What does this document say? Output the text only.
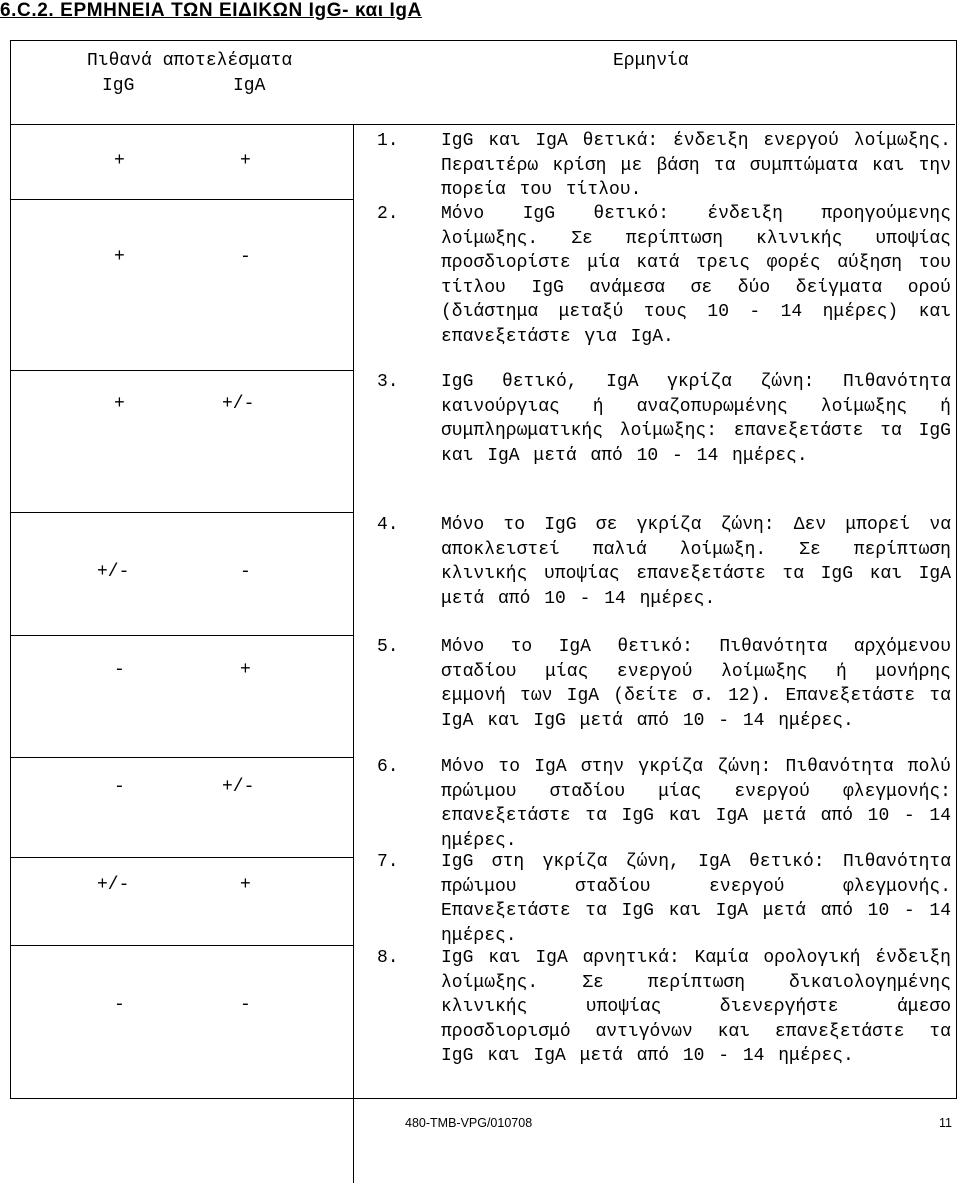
6.C.2. ΕΡΜΗΝΕΙΑ ΤΩΝ ΕΙΔΙΚΩΝ IgG- και IgA
Πιθανά αποτελέσματα
IgG	IgA
Ερμηνία
+	+
1. IgG και IgA θετικά: ένδειξη ενεργού λοίμωξης. Περαιτέρω κρίση με βάση τα συμπτώματα και την πορεία του τίτλου.
+	-
2. Μόνο IgG θετικό: ένδειξη προηγούμενης λοίμωξης. Σε περίπτωση κλινικής υποψίας προσδιορίστε μία κατά τρεις φορές αύξηση του τίτλου IgG ανάμεσα σε δύο δείγματα ορού (διάστημα μεταξύ τους 10 - 14 ημέρες) και επανεξετάστε για IgA.
+	+/-
3. IgG θετικό, IgA γκρίζα ζώνη: Πιθανότητα καινούργιας ή αναζοπυρωμένης λοίμωξης ή συμπληρωματικής λοίμωξης: επανεξετάστε τα IgG και IgA μετά από 10 - 14 ημέρες.
+/-	-
4. Μόνο το IgG σε γκρίζα ζώνη: Δεν μπορεί να αποκλειστεί παλιά λοίμωξη. Σε περίπτωση κλινικής υποψίας επανεξετάστε τα IgG και IgA μετά από 10 - 14 ημέρες.
-	+
5. Μόνο το IgA θετικό: Πιθανότητα αρχόμενου σταδίου μίας ενεργού λοίμωξης ή μονήρης εμμονή των IgA (δείτε σ. 12). Επανεξετάστε τα IgA και IgG μετά από 10 - 14 ημέρες.
-	+/-
6. Μόνο το IgA στην γκρίζα ζώνη: Πιθανότητα πολύ πρώιμου σταδίου μίας ενεργού φλεγμονής: επανεξετάστε τα IgG και IgA μετά από 10 - 14 ημέρες.
+/-	+
7. IgG στη γκρίζα ζώνη, IgA θετικό: Πιθανότητα πρώιμου σταδίου ενεργού φλεγμονής. Επανεξετάστε τα IgG και IgA μετά από 10 - 14 ημέρες.
-	-
8. IgG και IgA αρνητικά: Καμία ορολογική ένδειξη λοίμωξης. Σε περίπτωση δικαιολογημένης κλινικής υποψίας διενεργήστε άμεσο προσδιορισμό αντιγόνων και επανεξετάστε τα IgG και IgA μετά από 10 - 14 ημέρες.
480-TMB-VPG/010708	11
